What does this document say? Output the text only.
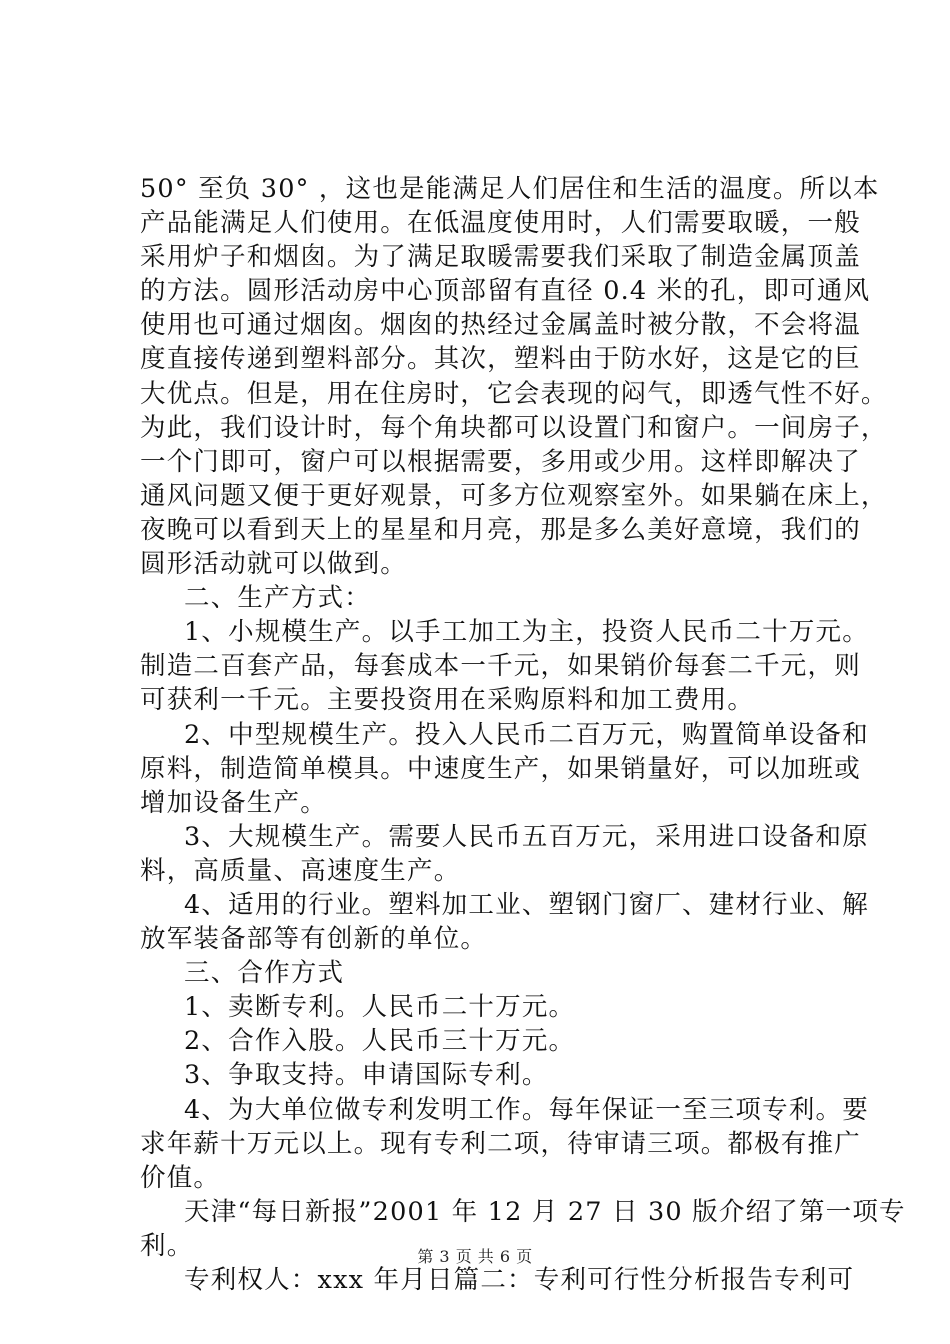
50° 至负 30° ，这也是能满足人们居住和生活的温度。所以本
产品能满足人们使用。在低温度使用时，人们需要取暖，一般
采用炉子和烟囱。为了满足取暖需要我们采取了制造金属顶盖
的方法。圆形活动房中心顶部留有直径 0.4 米的孔，即可通风
使用也可通过烟囱。烟囱的热经过金属盖时被分散，不会将温
度直接传递到塑料部分。其次，塑料由于防水好，这是它的巨
大优点。但是，用在住房时，它会表现的闷气，即透气性不好。
为此，我们设计时，每个角块都可以设置门和窗户。一间房子，
一个门即可，窗户可以根据需要，多用或少用。这样即解决了
通风问题又便于更好观景，可多方位观察室外。如果躺在床上，
夜晚可以看到天上的星星和月亮，那是多么美好意境，我们的
圆形活动就可以做到。
二、生产方式：
1、小规模生产。以手工加工为主，投资人民币二十万元。
制造二百套产品，每套成本一千元，如果销价每套二千元，则
可获利一千元。主要投资用在采购原料和加工费用。
2、中型规模生产。投入人民币二百万元，购置简单设备和
原料，制造简单模具。中速度生产，如果销量好，可以加班或
增加设备生产。
3、大规模生产。需要人民币五百万元，采用进口设备和原
料，高质量、高速度生产。
4、适用的行业。塑料加工业、塑钢门窗厂、建材行业、解
放军装备部等有创新的单位。
三、合作方式
1、卖断专利。人民币二十万元。
2、合作入股。人民币三十万元。
3、争取支持。申请国际专利。
4、为大单位做专利发明工作。每年保证一至三项专利。要
求年薪十万元以上。现有专利二项，待审请三项。都极有推广
价值。
天津“每日新报”2001 年 12 月 27 日 30 版介绍了第一项专
利。
专利权人：xxx 年月日篇二：专利可行性分析报告专利可
第 3 页 共 6 页
